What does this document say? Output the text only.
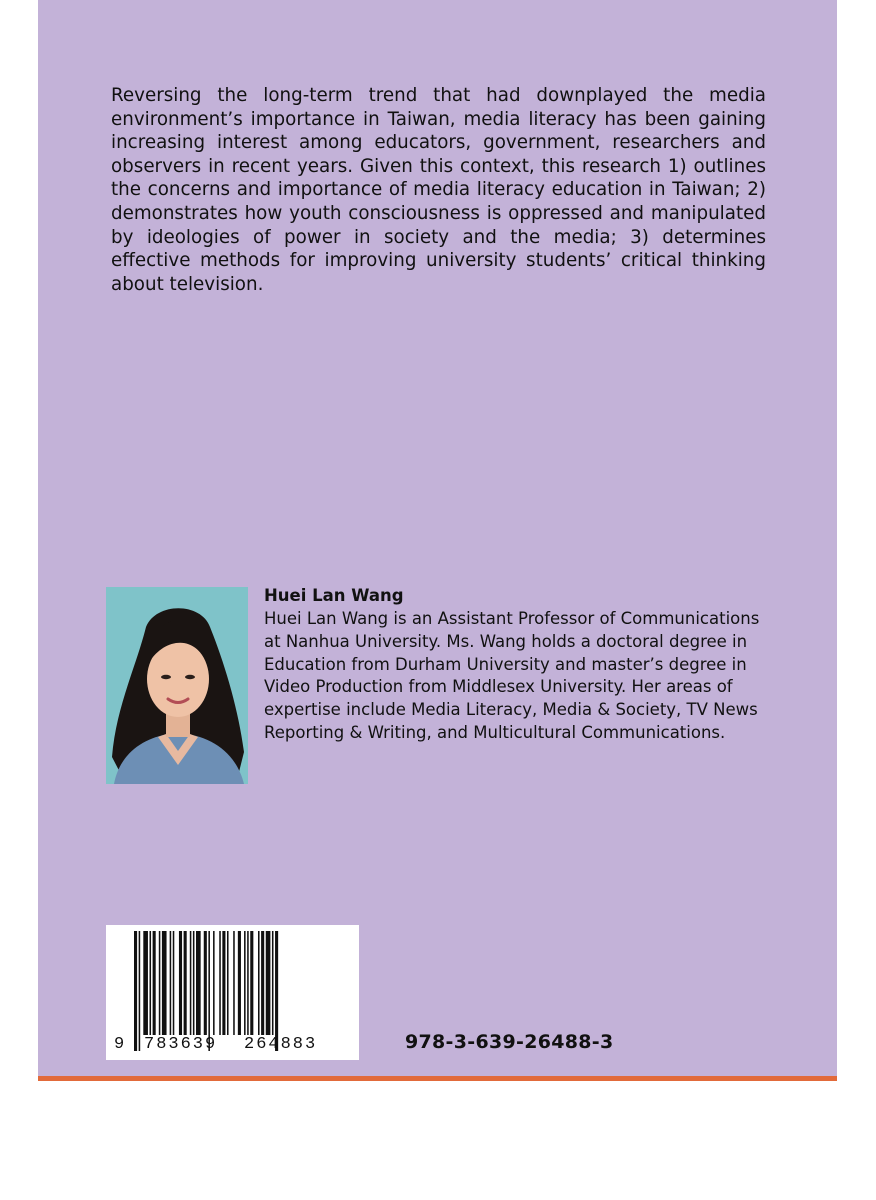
Reversing the long-term trend that had downplayed the media environment’s importance in Taiwan, media literacy has been gaining increasing interest among educators, government, researchers and observers in recent years. Given this context, this research 1) outlines the concerns and importance of media literacy education in Taiwan; 2) demonstrates how youth consciousness is oppressed and manipulated by ideologies of power in society and the media; 3) determines effective methods for improving university students’ critical thinking about television.

Huei Lan Wang

Huei Lan Wang is an Assistant Professor of Communications at Nanhua University. Ms. Wang holds a doctoral degree in Education from Durham University and master’s degree in Video Production from Middlesex University. Her areas of expertise include Media Literacy, Media & Society, TV News Reporting & Writing, and Multicultural Communications.

9 783639 264883	978-3-639-26488-3
